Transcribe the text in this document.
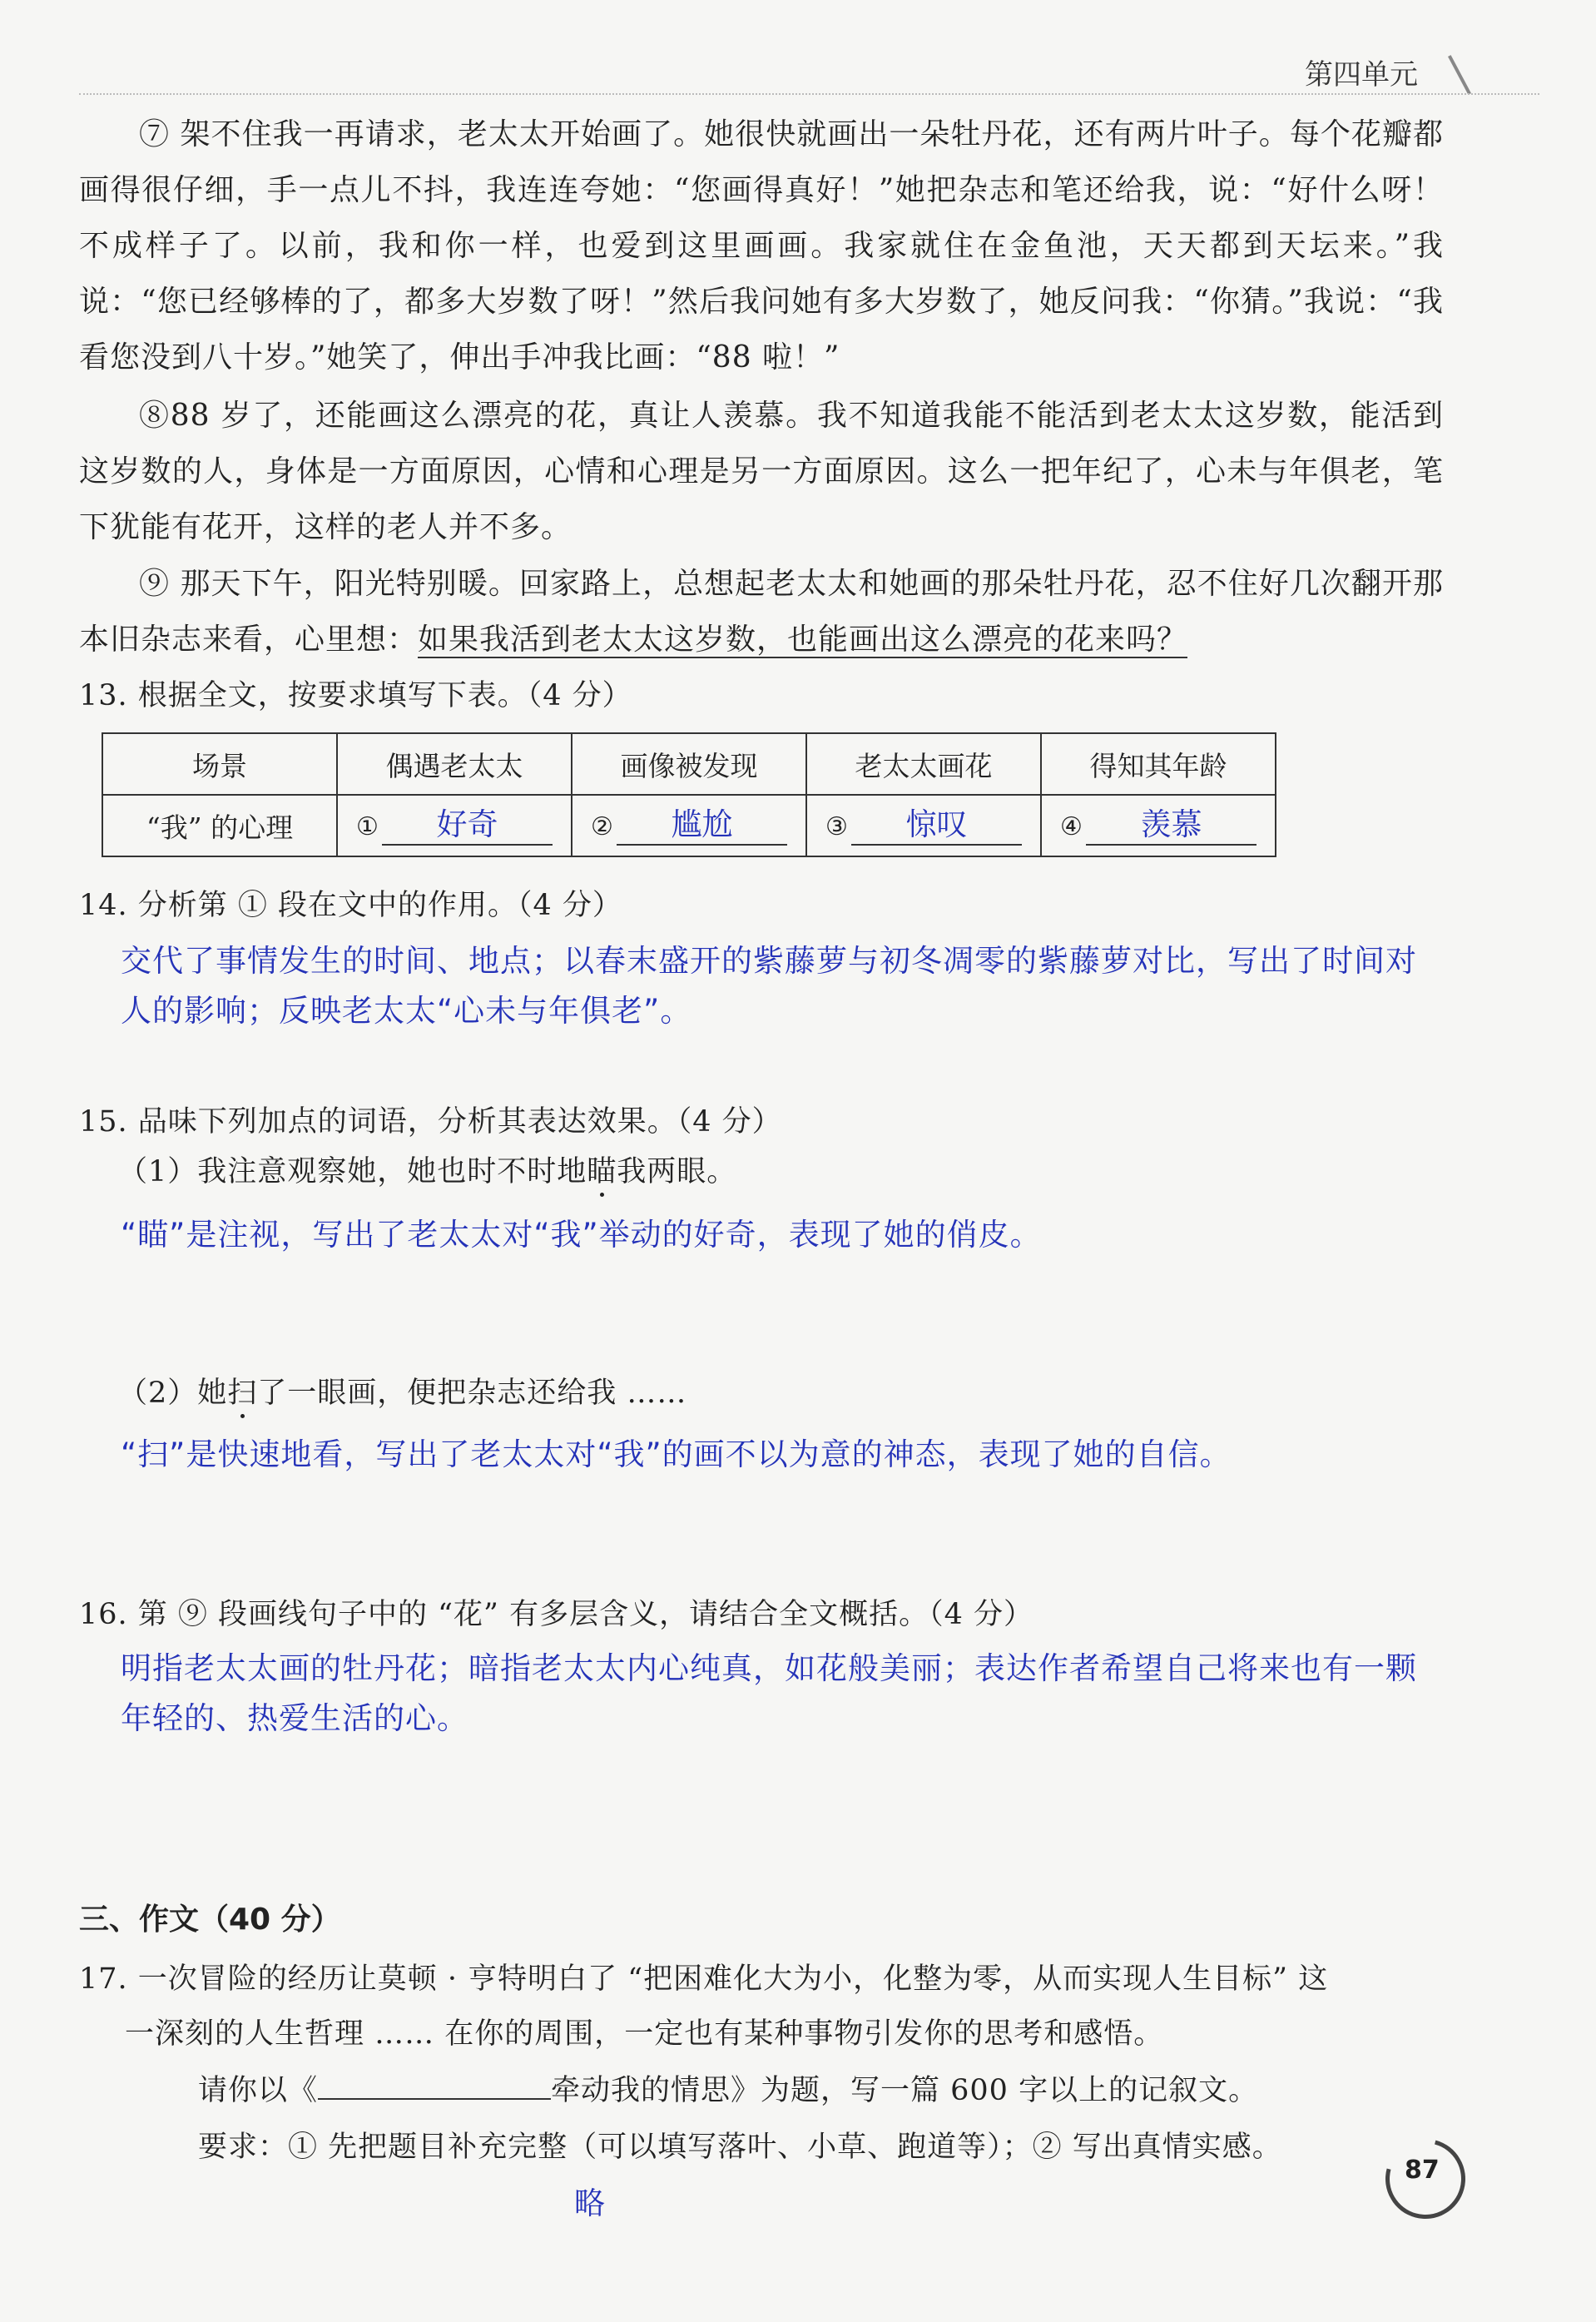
第四单元
⑦ 架不住我一再请求，老太太开始画了。她很快就画出一朵牡丹花，还有两片叶子。每个花瓣都画得很仔细，手一点儿不抖，我连连夸她：“您画得真好！”她把杂志和笔还给我，说：“好什么呀！不成样子了。以前，我和你一样，也爱到这里画画。我家就住在金鱼池，天天都到天坛来。”我说：“您已经够棒的了，都多大岁数了呀！”然后我问她有多大岁数了，她反问我：“你猜。”我说：“我看您没到八十岁。”她笑了，伸出手冲我比画：“88 啦！”
⑧88 岁了，还能画这么漂亮的花，真让人羡慕。我不知道我能不能活到老太太这岁数，能活到这岁数的人，身体是一方面原因，心情和心理是另一方面原因。这么一把年纪了，心未与年俱老，笔下犹能有花开，这样的老人并不多。
⑨ 那天下午，阳光特别暖。回家路上，总想起老太太和她画的那朵牡丹花，忍不住好几次翻开那本旧杂志来看，心里想：如果我活到老太太这岁数，也能画出这么漂亮的花来吗？
13. 根据全文，按要求填写下表。（4 分）
场景	偶遇老太太	画像被发现	老太太画花	得知其年龄
“我” 的心理	① 好奇	② 尴尬	③ 惊叹	④ 羡慕
14. 分析第 ① 段在文中的作用。（4 分）
交代了事情发生的时间、地点；以春末盛开的紫藤萝与初冬凋零的紫藤萝对比，写出了时间对人的影响；反映老太太“心未与年俱老”。
15. 品味下列加点的词语，分析其表达效果。（4 分）
（1）我注意观察她，她也时不时地瞄我两眼。
“瞄”是注视，写出了老太太对“我”举动的好奇，表现了她的俏皮。
（2）她扫了一眼画，便把杂志还给我 ……
“扫”是快速地看，写出了老太太对“我”的画不以为意的神态，表现了她的自信。
16. 第 ⑨ 段画线句子中的 “花” 有多层含义，请结合全文概括。（4 分）
明指老太太画的牡丹花；暗指老太太内心纯真，如花般美丽；表达作者希望自己将来也有一颗年轻的、热爱生活的心。
三、作文（40 分）
17. 一次冒险的经历让莫顿 · 亨特明白了 “把困难化大为小，化整为零，从而实现人生目标” 这
一深刻的人生哲理 …… 在你的周围，一定也有某种事物引发你的思考和感悟。
请你以《	牵动我的情思》为题，写一篇 600 字以上的记叙文。
要求：① 先把题目补充完整（可以填写落叶、小草、跑道等）；② 写出真情实感。
略
87
